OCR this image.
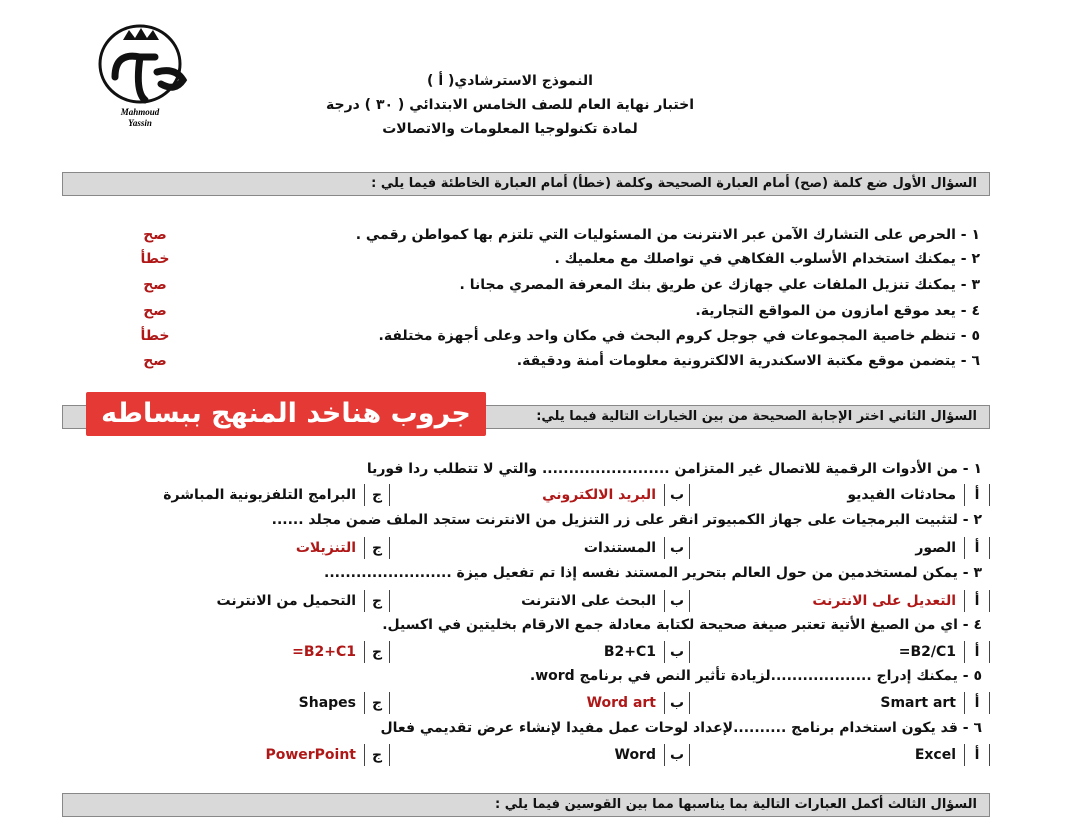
Mahmoud
Yassin
النموذج الاسترشادي( أ )
اختبار نهاية العام للصف الخامس الابتدائي ( ٣٠ ) درجة
لمادة تكنولوجيا المعلومات والاتصالات
السؤال الأول ضع كلمة (صح) أمام العبارة الصحيحة وكلمة (خطأ) أمام العبارة الخاطئة فيما يلي :
١ - الحرص على التشارك الآمن عبر الانترنت من المسئوليات التي تلتزم بها كمواطن رقمي .
صح
٢ - يمكنك استخدام الأسلوب الفكاهي في تواصلك مع معلميك .
خطأ
٣ - يمكنك تنزيل الملفات علي جهازك عن طريق بنك المعرفة المصري مجانا .
صح
٤ - يعد موقع امازون من المواقع التجارية.
صح
٥ - تنظم خاصية المجموعات في جوجل كروم البحث في مكان واحد وعلى أجهزة مختلفة.
خطأ
٦ - يتضمن موقع مكتبة الاسكندرية الالكترونية معلومات أمنة ودقيقة.
صح
السؤال الثاني اختر الإجابة الصحيحة من بين الخيارات التالية فيما يلي:
جروب هناخد المنهج ببساطه
١ - من الأدوات الرقمية للاتصال غير المتزامن ........................ والتي لا تتطلب ردا فوريا
أ
محادثات الفيديو
ب
البريد الالكتروني
ج
البرامج التلفزيونية المباشرة
٢ - لتثبيت البرمجيات على جهاز الكمبيوتر انقر على زر التنزيل من الانترنت ستجد الملف ضمن مجلد ......
أ
الصور
ب
المستندات
ج
التنزيلات
٣ - يمكن لمستخدمين من حول العالم بتحرير المستند نفسه إذا تم تفعيل ميزة ........................
أ
التعديل على الانترنت
ب
البحث على الانترنت
ج
التحميل من الانترنت
٤ - اي من الصيغ الأتية تعتبر صيغة صحيحة لكتابة معادلة جمع الارقام بخليتين في اكسيل.
أ
=B2/C1
ب
B2+C1
ج
=B2+C1
٥ - يمكنك إدراج ...................لزيادة تأثير النص في برنامج word.
أ
Smart art
ب
Word art
ج
Shapes
٦ - قد يكون استخدام برنامج ..........لإعداد لوحات عمل مفيدا لإنشاء عرض تقديمي فعال
أ
Excel
ب
Word
ج
PowerPoint
السؤال الثالث أكمل العبارات التالية بما يناسبها مما بين القوسين فيما يلي :
